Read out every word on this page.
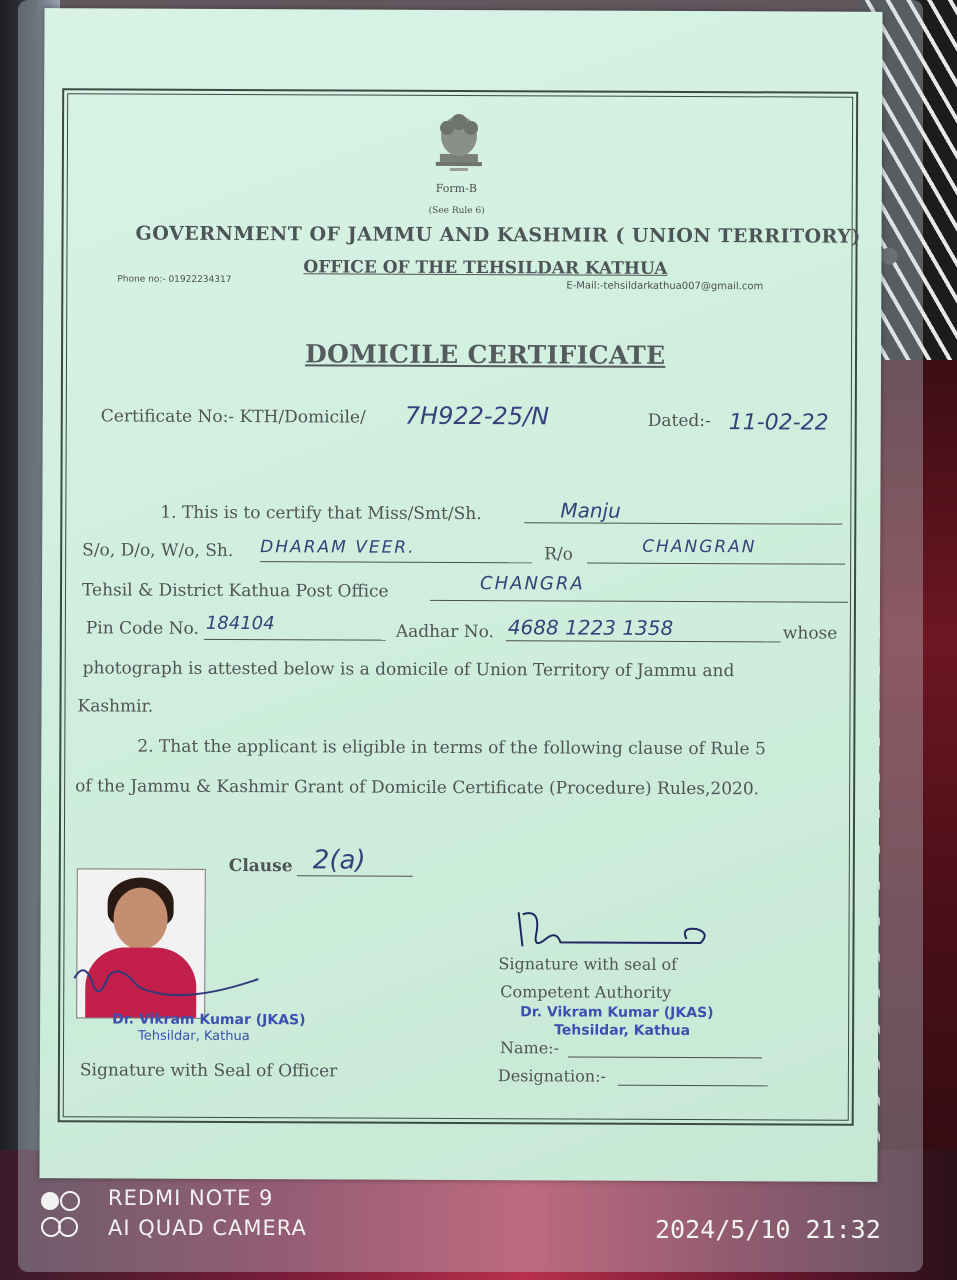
Form-B
(See Rule 6)
GOVERNMENT OF JAMMU AND KASHMIR ( UNION TERRITORY)
OFFICE OF THE TEHSILDAR KATHUA
Phone no:- 01922234317
E-Mail:-tehsildarkathua007@gmail.com
DOMICILE CERTIFICATE
Certificate No:- KTH/Domicile/ 7H922-25/N	Dated:- 11-02-22
1. This is to certify that Miss/Smt/Sh.	Manju
S/o, D/o, W/o, Sh. DHARAM VEER.	R/o	CHANGRAN
Tehsil & District Kathua Post Office	CHANGRA
Pin Code No. 184104	Aadhar No. 4688 1223 1358	whose
photograph is attested below is a domicile of Union Territory of Jammu and
Kashmir.
2. That the applicant is eligible in terms of the following clause of Rule 5
of the Jammu & Kashmir Grant of Domicile Certificate (Procedure) Rules,2020.
Clause 2(a)
Dr. Vikram Kumar (JKAS)
Tehsildar, Kathua
Signature with Seal of Officer
Signature with seal of
Competent Authority
Dr. Vikram Kumar (JKAS)
Tehsildar, Kathua
Name:-
Designation:-
REDMI NOTE 9
AI QUAD CAMERA	2024/5/10 21:32
